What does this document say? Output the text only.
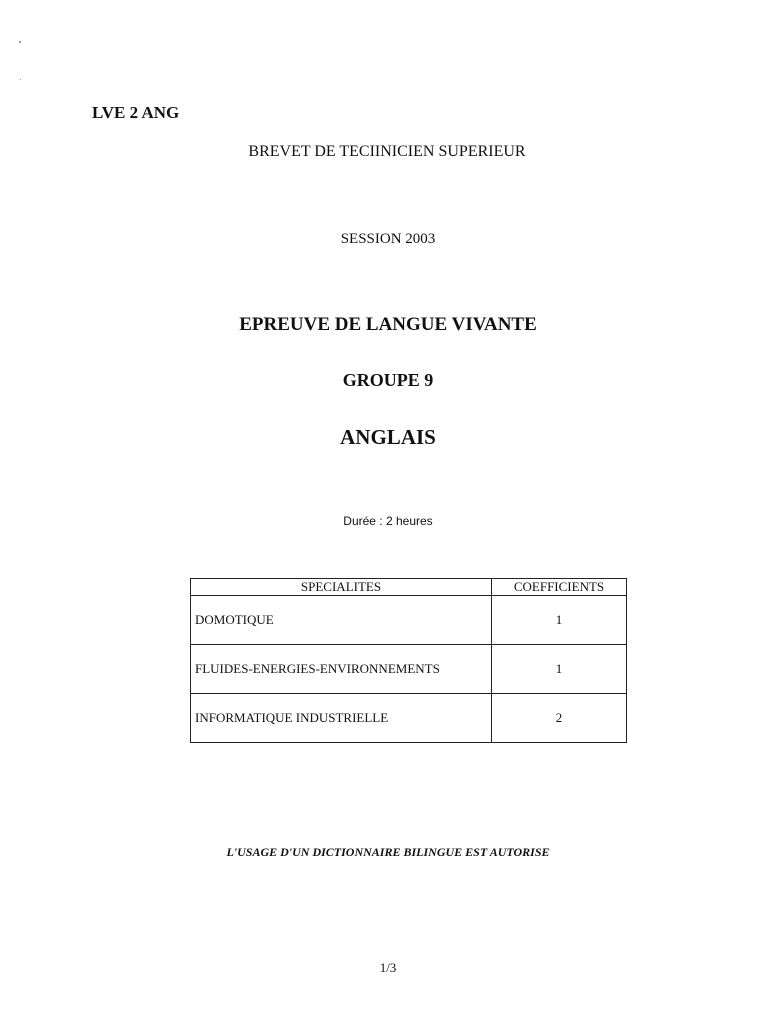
LVE 2 ANG
BREVET DE TECIINICIEN SUPERIEUR
SESSION 2003
EPREUVE DE LANGUE VIVANTE
GROUPE 9
ANGLAIS
Durée : 2 heures
SPECIALITES	COEFFICIENTS
DOMOTIQUE	1
FLUIDES-ENERGIES-ENVIRONNEMENTS	1
INFORMATIQUE INDUSTRIELLE	2
L'USAGE D'UN DICTIONNAIRE BILINGUE EST AUTORISE
1/3
